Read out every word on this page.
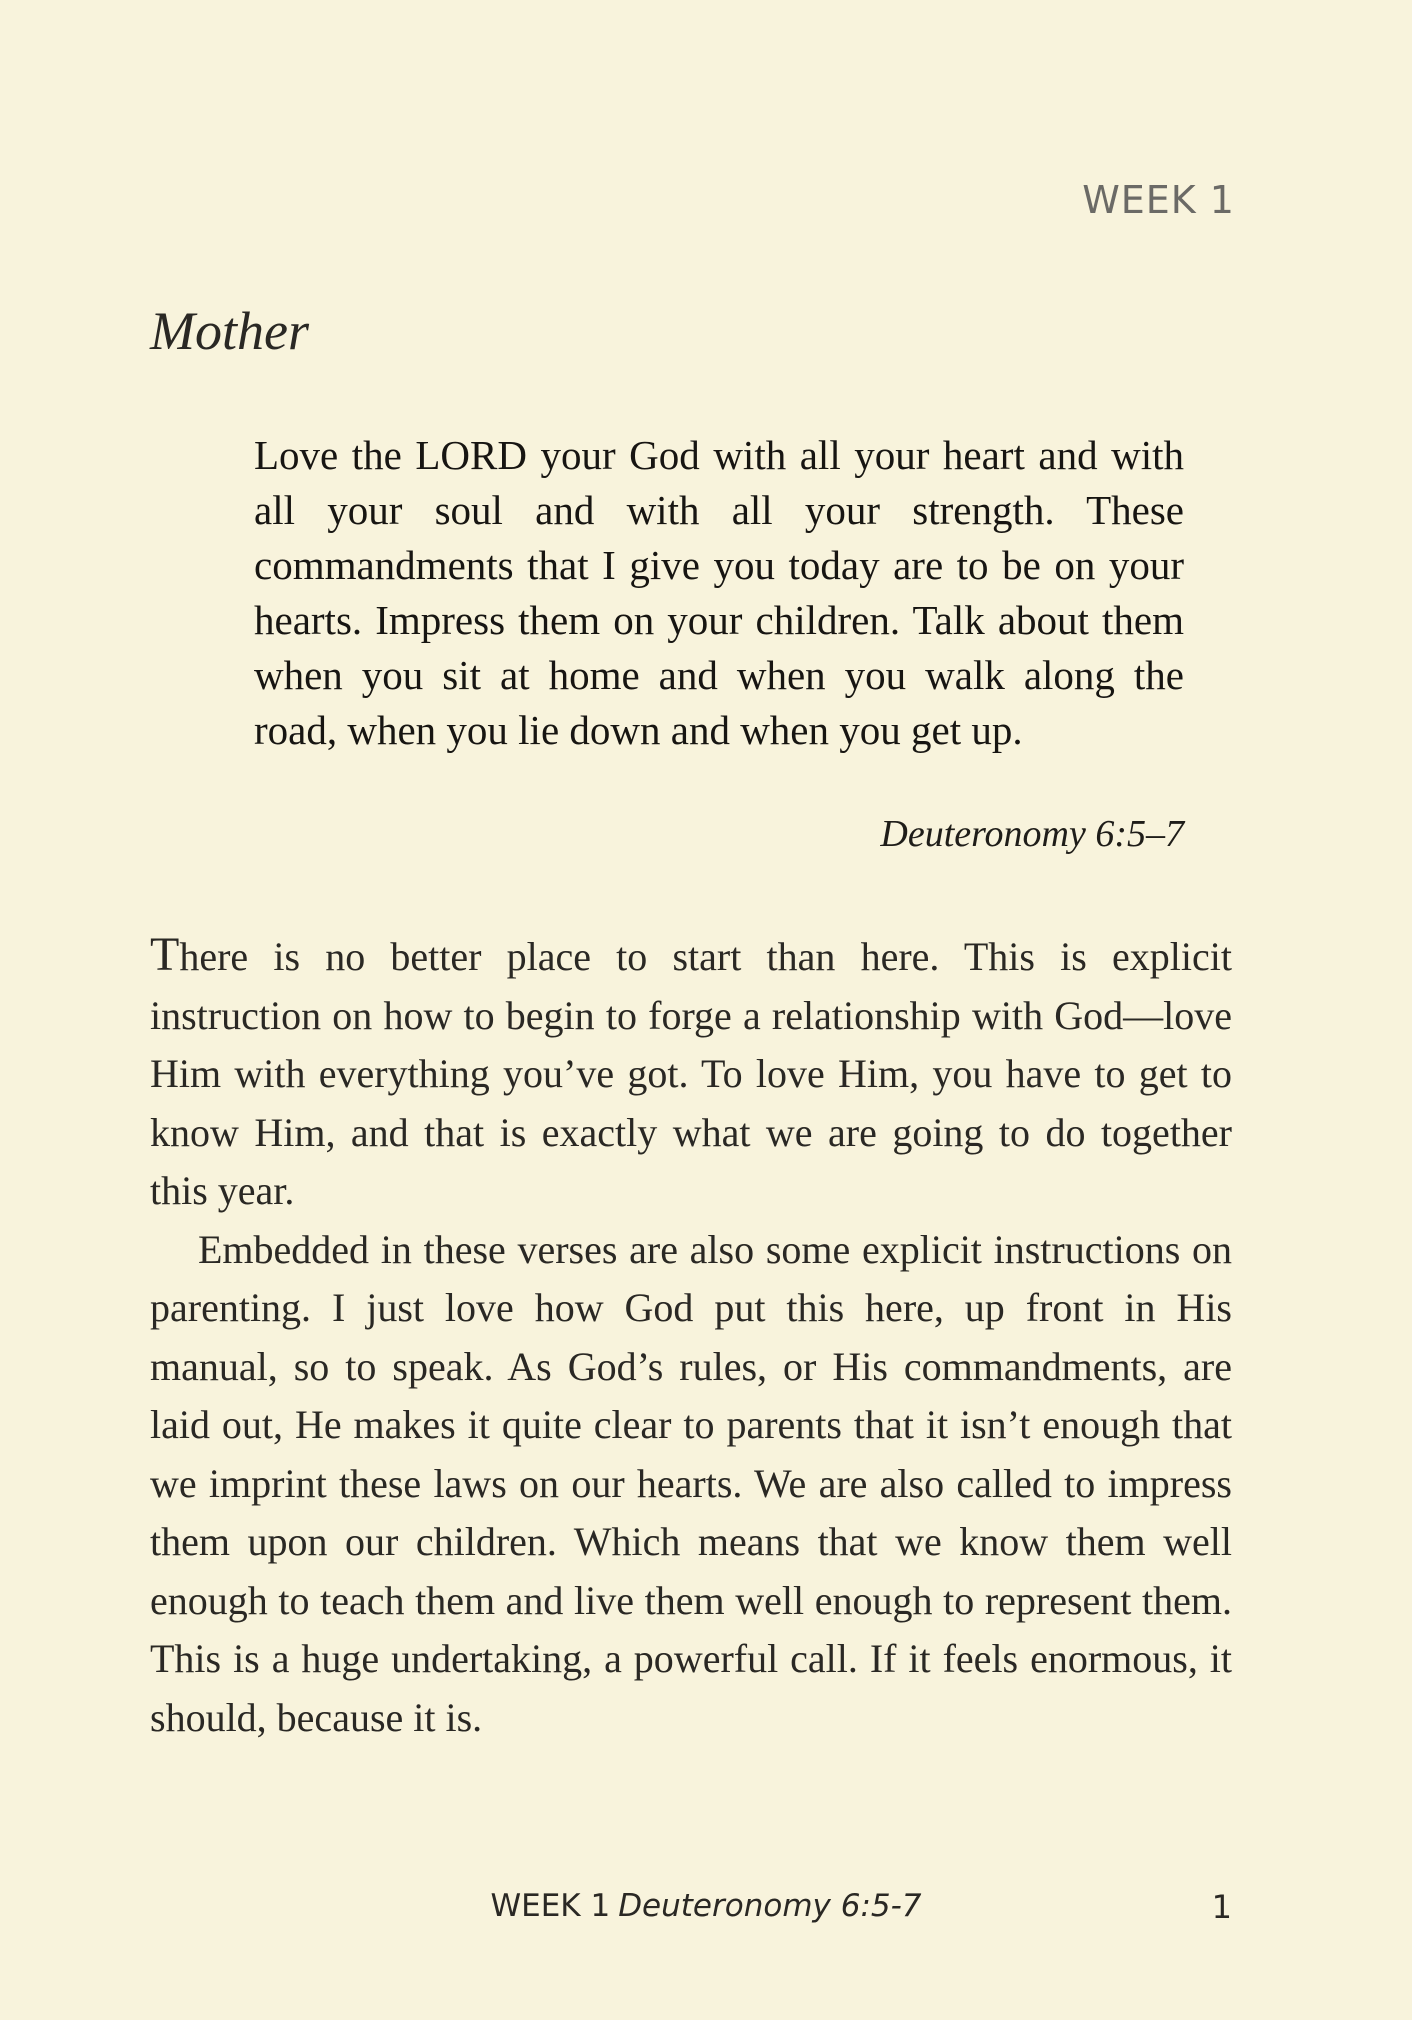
WEEK 1
Mother
Love the LORD your God with all your heart and with all your soul and with all your strength. These commandments that I give you today are to be on your hearts. Impress them on your children. Talk about them when you sit at home and when you walk along the road, when you lie down and when you get up.
Deuteronomy 6:5–7

There is no better place to start than here. This is explicit instruction on how to begin to forge a relationship with God—love Him with everything you’ve got. To love Him, you have to get to know Him, and that is exactly what we are going to do together this year.

Embedded in these verses are also some explicit instructions on parenting. I just love how God put this here, up front in His manual, so to speak. As God’s rules, or His commandments, are laid out, He makes it quite clear to parents that it isn’t enough that we imprint these laws on our hearts. We are also called to impress them upon our children. Which means that we know them well enough to teach them and live them well enough to represent them. This is a huge undertaking, a powerful call. If it feels enormous, it should, because it is.

WEEK 1 Deuteronomy 6:5-7	1
